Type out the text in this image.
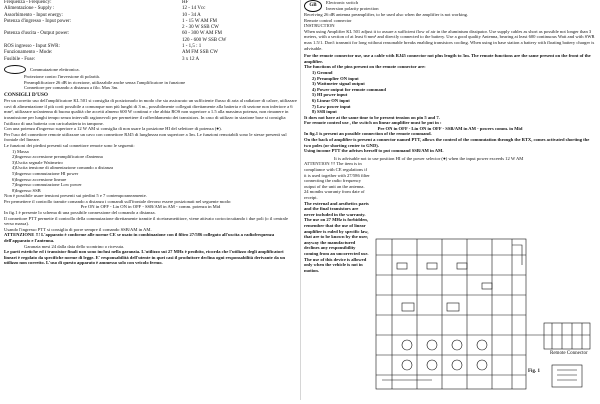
Frequenza - Frequency:	HF
Alimentazione - Supply :	12 - 14 Vcc
Assorbimento - Input energy:	10 - 34 A
Potenza d'ingresso - Input power:	1 - 15 W AM FM
2 - 30 W SSB CW
Potenza d'uscita - Output power:	60 - 300 W AM FM
120 - 600 W SSB CW
ROS ingresso - Input SWR:	1 - 1,5 : 1
Funzionamento - Mode:	AM FM SSB CW
Fusibile - Fuse:	3 x 12 A
Commutazione elettronica.

Protezione contro l'inversione di polarità.

Preamplificatore 26 dB in ricezione, utilizzabile anche senza l'amplificatore in funzione

Connettore per comando a distanza a filo. Max 3m.

CONSIGLI D'USO

Per un corretto uso dell'amplificatore KL 501 si consiglia di posizionarlo in modo che sia assicurato un sufficiente flusso di aria al radiatore di calore, utilizzare cavi di alimentazione il più corti possibile a comunque non più lunghi di 3 m., possibilmente collegati direttamente alla batteria e di sezione non inferiore a 6 mm², utilizzare un'antenna di buona qualità che accetti almeno 600 W continui e che abbia ROS non superiore a 1.5 alla massima potenza, non rimanere in trasmissione per lunghi tempo senza intervalli ragionevoli per permettere il raffreddamento dei transistors. In caso di utilizzo in stazione base si consiglia l'utilizzo di una batteria con caricabatteria in tampone.

Con una potenza d'ingresso superiore a 12 W AM si consiglia di non usare la posizione HI del selettore di potenza (●).

Per l'uso del connettore remote utilizzare un cavo con connettore RJ45 di lunghezza non superiore a 3m. Le funzioni remotabili sono le stesse presenti sul frontale del Iineare.

Le funzioni dei piedini presenti sul connettore remote sono le seguenti:

1) Massa

2)Ingresso accensione preamplificatore d'antenna

3)Uscita segnale Wattmetro

4)Uscita tensione di alimentazione comando a distanza

5)Ingresso commutazione HI power

6)Ingresso accensione lineare

7)Ingresso commutazione Low power

8)Ingresso SSB

Non è possibile usare tensioni presenti sui piedini 5 e 7 contemporaneamente.

Per permettere il controllo tramite comando a distanza i comandi sull'frontale devono essere posizionati nel seguente modo:

Pre ON in OFF - Lin ON in OFF - SSB/AM in AM - comm. potenza in Mid

In fig.1 è presente lo schema di una possibile connessione del comando a distanza.

Il connettore PTT permette il controllo della commutazione direttamente tramite il ricetrasmettitore, viene attivato cortocircuitando i due poli (o il centrale verso massa).

Usando l'ingresso PTT si consiglia di porre sempre il comando SSB/AM in AM.

ATTENZIONE !!! L'apparato è conforme alle norme CE se usato in combinazione con il filtro 27/586 collegato all'uscita a radiofrequenza dell'apparato e l'antenna.

Garanzia mesi 24 dalla data dello scontrino o ricevuta.

Le parti estetiche ed i transistor finali non sono inclusi nella garanzia. L'utilizzo sui 27 MHz è proibito, ricorda che l'utilizzo degli amplificatori lineari è regolato da specifiche norme di legge. E' responsabilità dell'utente in quei casi il produttore declina ogni responsabilità derivante da un utilizzo non corretto. L'uso di questo apparato è ammesso solo con veicolo fermo.

GB

Electronic switch

Inversion polarity protection

Receiving 26 dB antenna preamplifier, to be used also when the amplifier is not working.

Remote control connector

INSTRUCTION

When using Amplifier KL 501 adjust it to assure a sufficient flow of air in the aluminium dissipator. Use supply cables as short as possible not longer than 3 meters, with a section of at least 6 mm² and directly connected to the battery. Use a good quality Antenna, bearing at least 600 continuous Watt and with SWR max 1.5/1. Don't transmit for long without reasonable breaks enabling transistors cooling. When using in base station a battery with floating battery charger is advisable.

For the remote connector use, use a cable with RJ45 connector not plus length to 3m. The remote functions are the same present on the front of the amplifier.

The functions of the pins present on the remote connector are:

1) Ground

2) Preamplier ON input

3) Wattmeter signal output

4) Power output for remote command

5) HI power input

6) Linear ON input

7) Low power input

8) SSB input

It does not have at the same time to be present tension on pin 5 and 7.

For remote control use , the switch on linear amplifier must be put in :

Pre ON in OFF - Lin ON in OFF - SSB/AM in AM - powers comm. in Mid

In fig.1 is present an possible connection of the remote command.

On the back of amplifier is present a connector named PTT, allows the control of the commutation through the RTX, comes activated shorting the two poles (or shorting center to GND).

Using income PTT the advises herself to put command SSB/AM in AM.

It is advisable not to use position HI of the power selector (●) when the input power exceeds 12 W AM

ATTENTION !!! The item is in compliance with CE regulations if it is used together with 27/586 filter connecting the radio frequency output of the unit an the antenna.

24 months warranty from date of receipt.

The external and aesthetics parts and the final transistors are never included in the warranty. The use on 27 MHz is forbidden, remember that the use of linear amplifier is ruled by specific law, that are to be known by the user, anyway the manufactured declines any responsibility coming from an uncorrected use. The use of this device is allowed only when the vehicle is not in motion.

Fig. 1
Remote Connector
